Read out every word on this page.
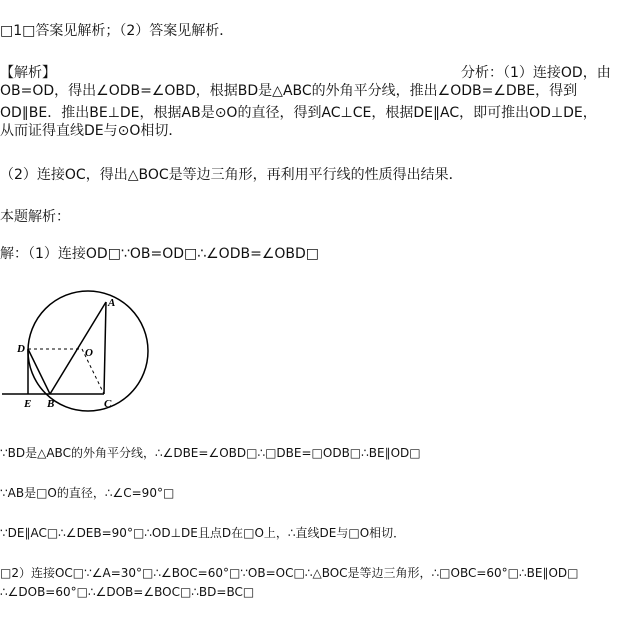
□1□答案见解析；（2）答案见解析．
【解析】	分析：（1）连接OD，由
OB=OD，得出∠ODB=∠OBD，根据BD是△ABC的外角平分线，推出∠ODB=∠DBE，得到
OD∥BE．推出BE⊥DE，根据AB是⊙O的直径，得到AC⊥CE，根据DE∥AC，即可推出OD⊥DE，
从而证得直线DE与⊙O相切．
（2）连接OC，得出△BOC是等边三角形，再利用平行线的性质得出结果．
本题解析：
解：（1）连接OD□∵OB=OD□∴∠ODB=∠OBD□
A
D	O
E B	C
∵BD是△ABC的外角平分线，∴∠DBE=∠OBD□∴□DBE=□ODB□∴BE∥OD□
∵AB是□O的直径，∴∠C=90°□
∵DE∥AC□∴∠DEB=90°□∴OD⊥DE且点D在□O上，∴直线DE与□O相切．
□2）连接OC□∵∠A=30°□∴∠BOC=60°□∵OB=OC□∴△BOC是等边三角形，∴□OBC=60°□∴BE∥OD□
∴∠DOB=60°□∴∠DOB=∠BOC□∴BD=BC□
